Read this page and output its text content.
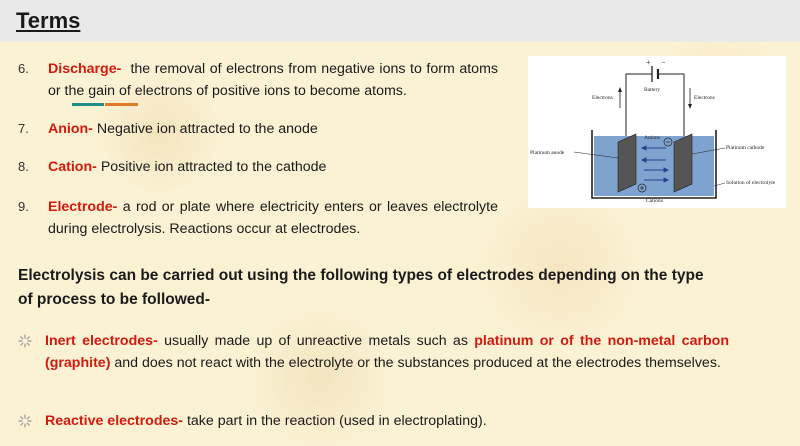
Terms
6. Discharge- the removal of electrons from negative ions to form atoms or the gain of electrons of positive ions to become atoms.
7. Anion- Negative ion attracted to the anode
8. Cation- Positive ion attracted to the cathode
9. Electrode- a rod or plate where electricity enters or leaves electrolyte during electrolysis. Reactions occur at electrodes.
+ −
Battery
Electrons	Electrons
Anions
Cations
Platinum anode
Platinum cathode
Solution of electrolyte
Electrolysis can be carried out using the following types of electrodes depending on the type of process to be followed-
Inert electrodes- usually made up of unreactive metals such as platinum or of the non-metal carbon (graphite) and does not react with the electrolyte or the substances produced at the electrodes themselves.
Reactive electrodes- take part in the reaction (used in electroplating).
